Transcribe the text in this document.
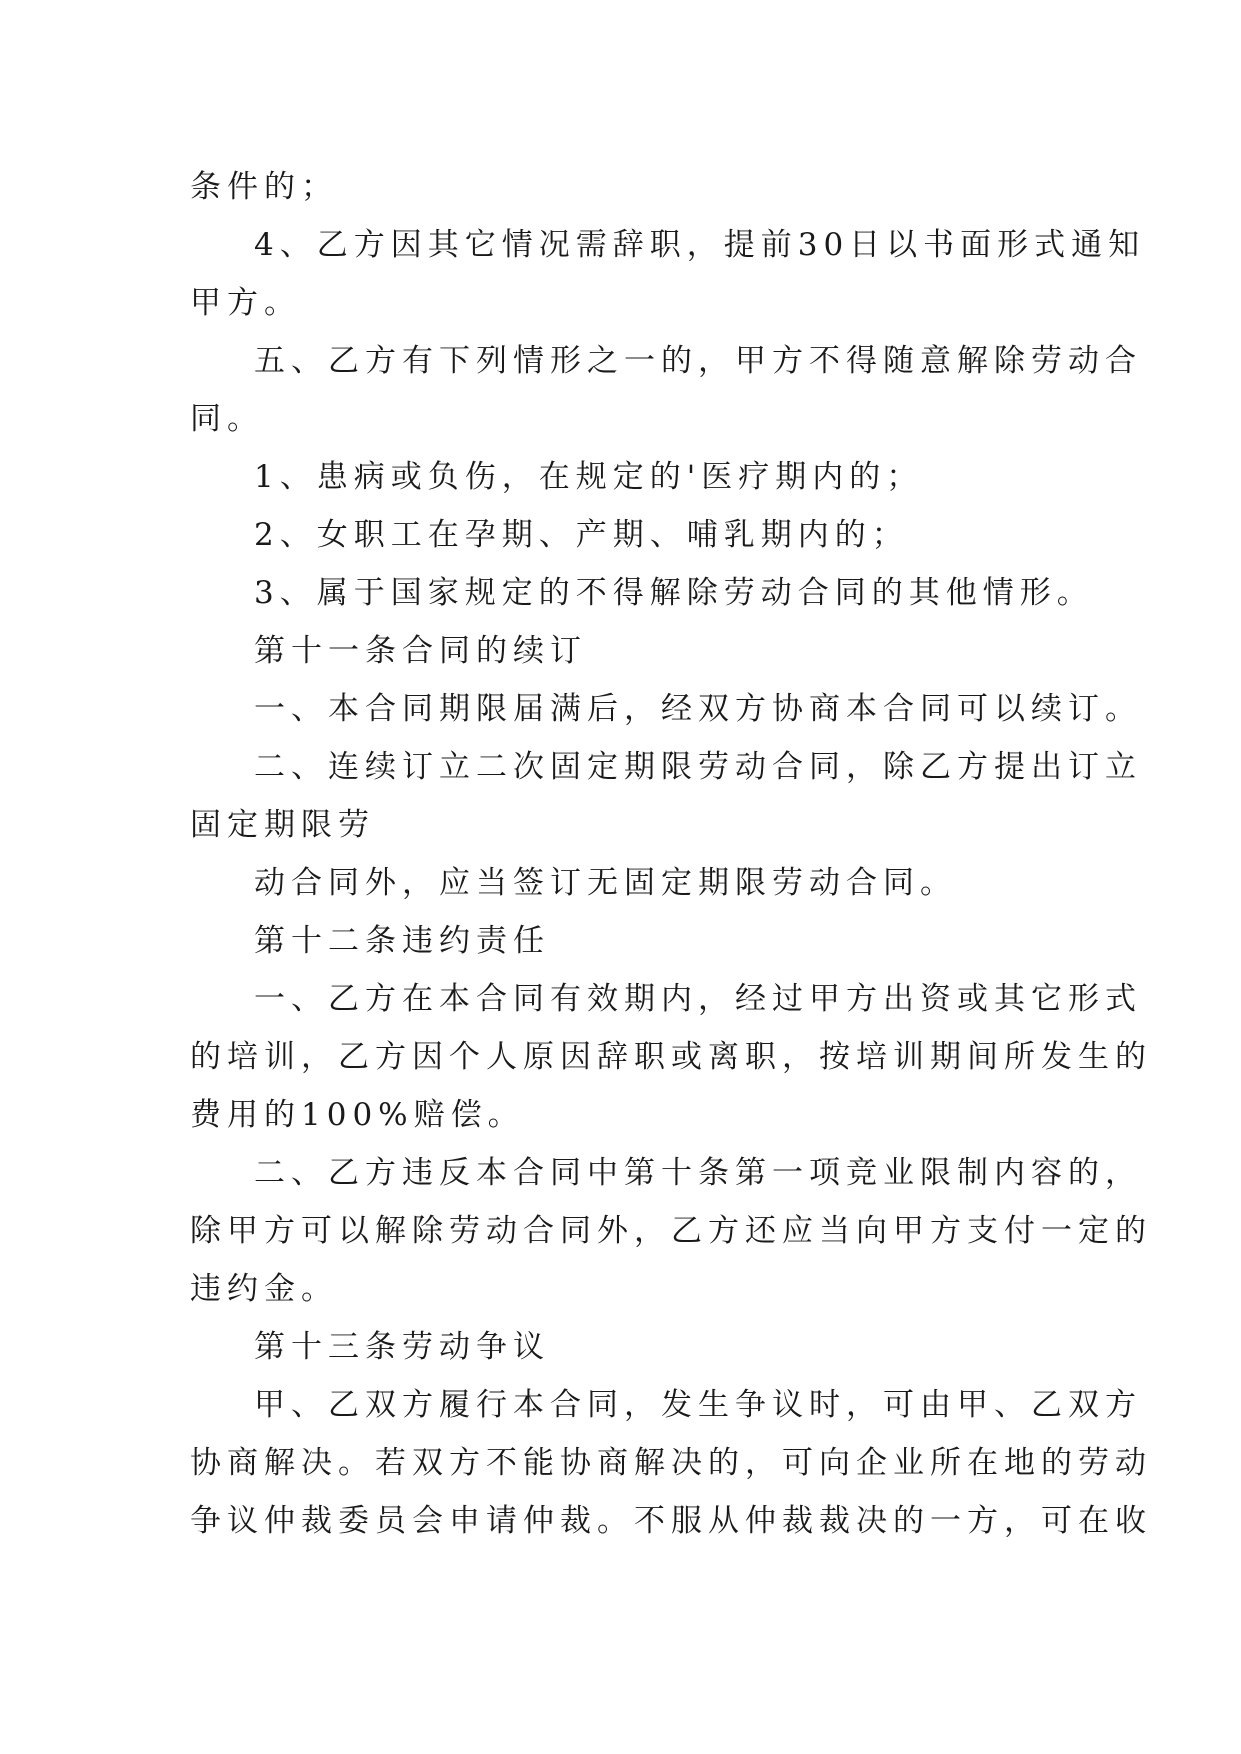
条件的；

4、乙方因其它情况需辞职，提前30日以书面形式通知

甲方。

五、乙方有下列情形之一的，甲方不得随意解除劳动合

同。

1、患病或负伤，在规定的'医疗期内的；

2、女职工在孕期、产期、哺乳期内的；

3、属于国家规定的不得解除劳动合同的其他情形。

第十一条合同的续订

一、本合同期限届满后，经双方协商本合同可以续订。

二、连续订立二次固定期限劳动合同，除乙方提出订立

固定期限劳

动合同外，应当签订无固定期限劳动合同。

第十二条违约责任

一、乙方在本合同有效期内，经过甲方出资或其它形式

的培训，乙方因个人原因辞职或离职，按培训期间所发生的

费用的100%赔偿。

二、乙方违反本合同中第十条第一项竞业限制内容的，

除甲方可以解除劳动合同外，乙方还应当向甲方支付一定的

违约金。

第十三条劳动争议

甲、乙双方履行本合同，发生争议时，可由甲、乙双方

协商解决。若双方不能协商解决的，可向企业所在地的劳动

争议仲裁委员会申请仲裁。不服从仲裁裁决的一方，可在收
